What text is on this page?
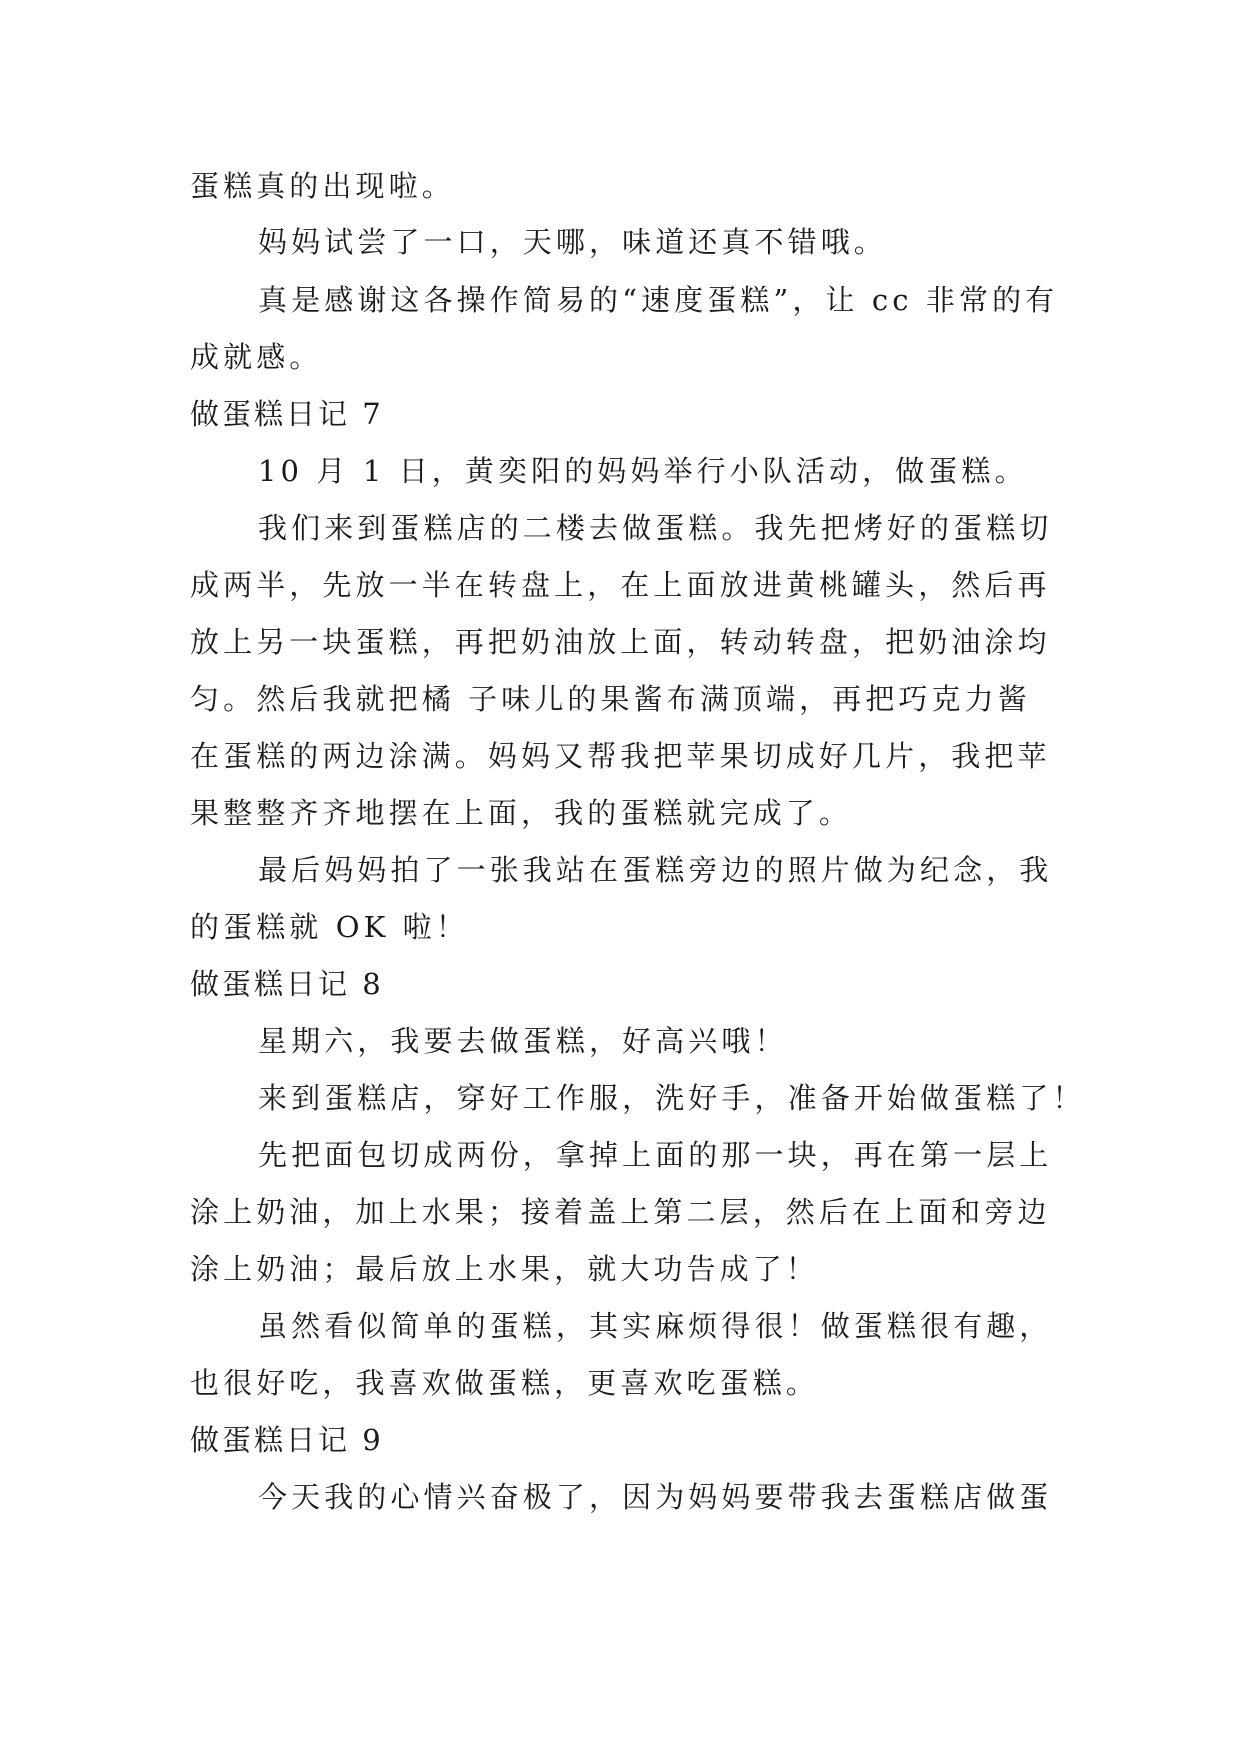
蛋糕真的出现啦。
妈妈试尝了一口，天哪，味道还真不错哦。
真是感谢这各操作简易的“速度蛋糕”，让 cc 非常的有
成就感。
做蛋糕日记 7
10 月 1 日，黄奕阳的妈妈举行小队活动，做蛋糕。
我们来到蛋糕店的二楼去做蛋糕。我先把烤好的蛋糕切
成两半，先放一半在转盘上，在上面放进黄桃罐头，然后再
放上另一块蛋糕，再把奶油放上面，转动转盘，把奶油涂均
匀。然后我就把橘 子味儿的果酱布满顶端，再把巧克力酱
在蛋糕的两边涂满。妈妈又帮我把苹果切成好几片，我把苹
果整整齐齐地摆在上面，我的蛋糕就完成了。
最后妈妈拍了一张我站在蛋糕旁边的照片做为纪念，我
的蛋糕就 OK 啦！
做蛋糕日记 8
星期六，我要去做蛋糕，好高兴哦！
来到蛋糕店，穿好工作服，洗好手，准备开始做蛋糕了！
先把面包切成两份，拿掉上面的那一块，再在第一层上
涂上奶油，加上水果；接着盖上第二层，然后在上面和旁边
涂上奶油；最后放上水果，就大功告成了！
虽然看似简单的蛋糕，其实麻烦得很！做蛋糕很有趣，
也很好吃，我喜欢做蛋糕，更喜欢吃蛋糕。
做蛋糕日记 9
今天我的心情兴奋极了，因为妈妈要带我去蛋糕店做蛋
